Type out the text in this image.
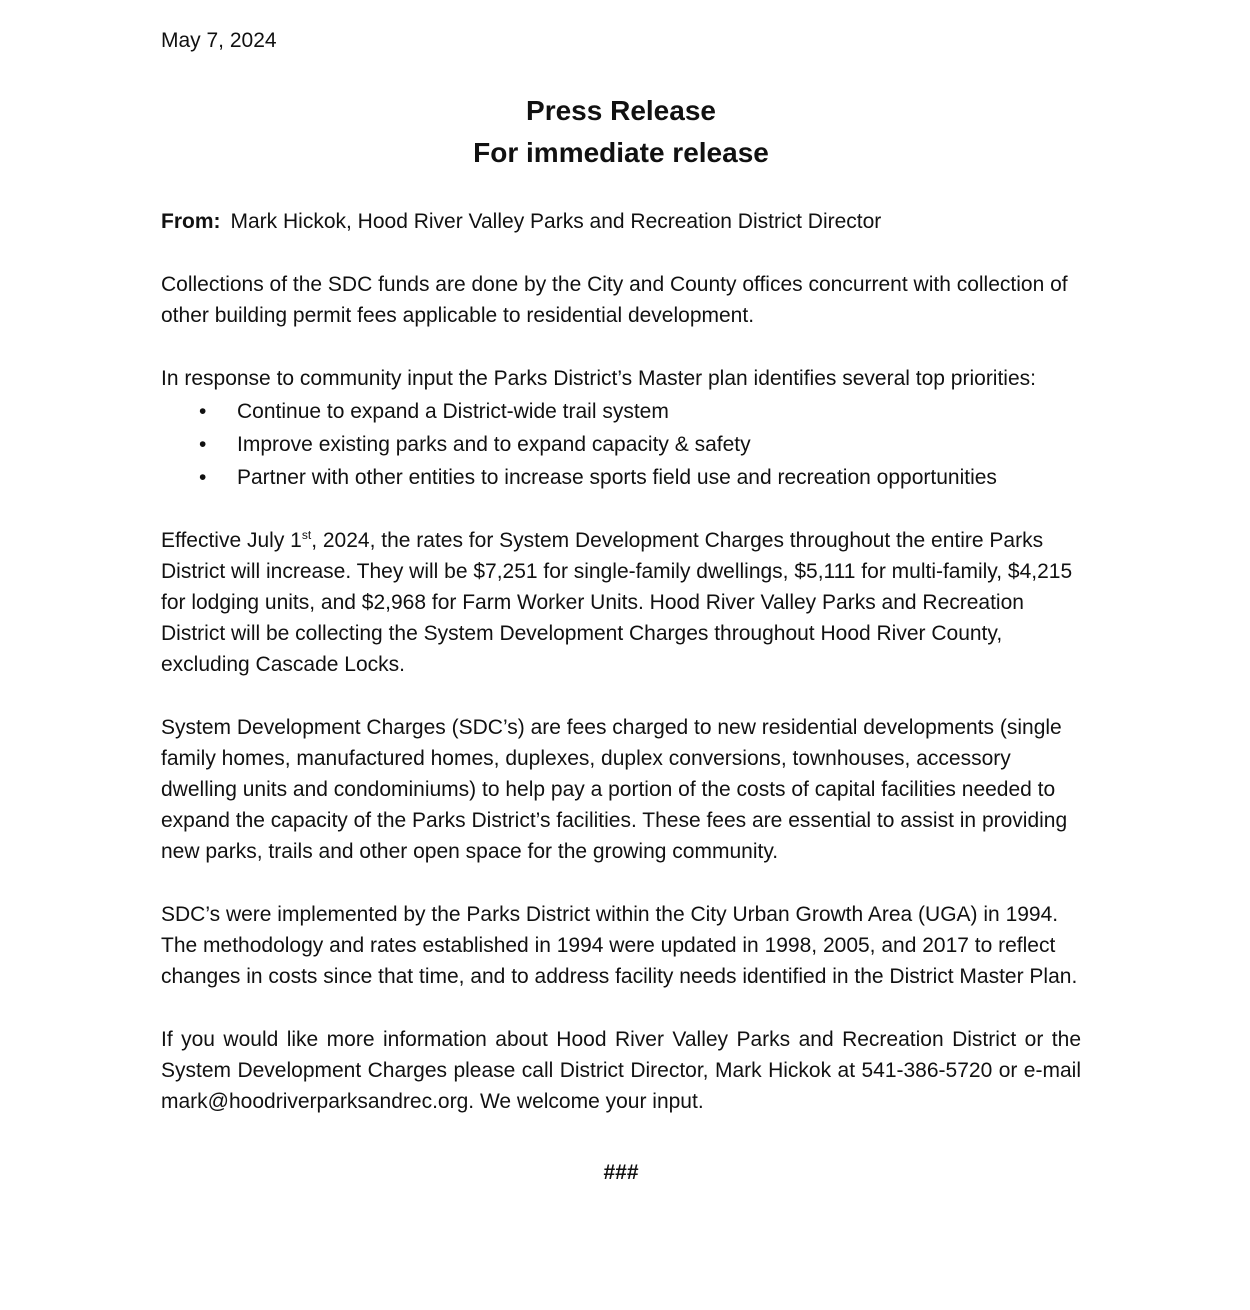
May 7, 2024

Press Release
For immediate release

From: Mark Hickok, Hood River Valley Parks and Recreation District Director

Collections of the SDC funds are done by the City and County offices concurrent with collection of other building permit fees applicable to residential development.

In response to community input the Parks District’s Master plan identifies several top priorities:

• Continue to expand a District-wide trail system
• Improve existing parks and to expand capacity & safety
• Partner with other entities to increase sports field use and recreation opportunities

Effective July 1st, 2024, the rates for System Development Charges throughout the entire Parks District will increase. They will be $7,251 for single-family dwellings, $5,111 for multi-family, $4,215 for lodging units, and $2,968 for Farm Worker Units. Hood River Valley Parks and Recreation District will be collecting the System Development Charges throughout Hood River County, excluding Cascade Locks.

System Development Charges (SDC’s) are fees charged to new residential developments (single family homes, manufactured homes, duplexes, duplex conversions, townhouses, accessory dwelling units and condominiums) to help pay a portion of the costs of capital facilities needed to expand the capacity of the Parks District’s facilities. These fees are essential to assist in providing new parks, trails and other open space for the growing community.

SDC’s were implemented by the Parks District within the City Urban Growth Area (UGA) in 1994. The methodology and rates established in 1994 were updated in 1998, 2005, and 2017 to reflect changes in costs since that time, and to address facility needs identified in the District Master Plan.

If you would like more information about Hood River Valley Parks and Recreation District or the System Development Charges please call District Director, Mark Hickok at 541-386-5720 or e-mail mark@hoodriverparksandrec.org. We welcome your input.

###
